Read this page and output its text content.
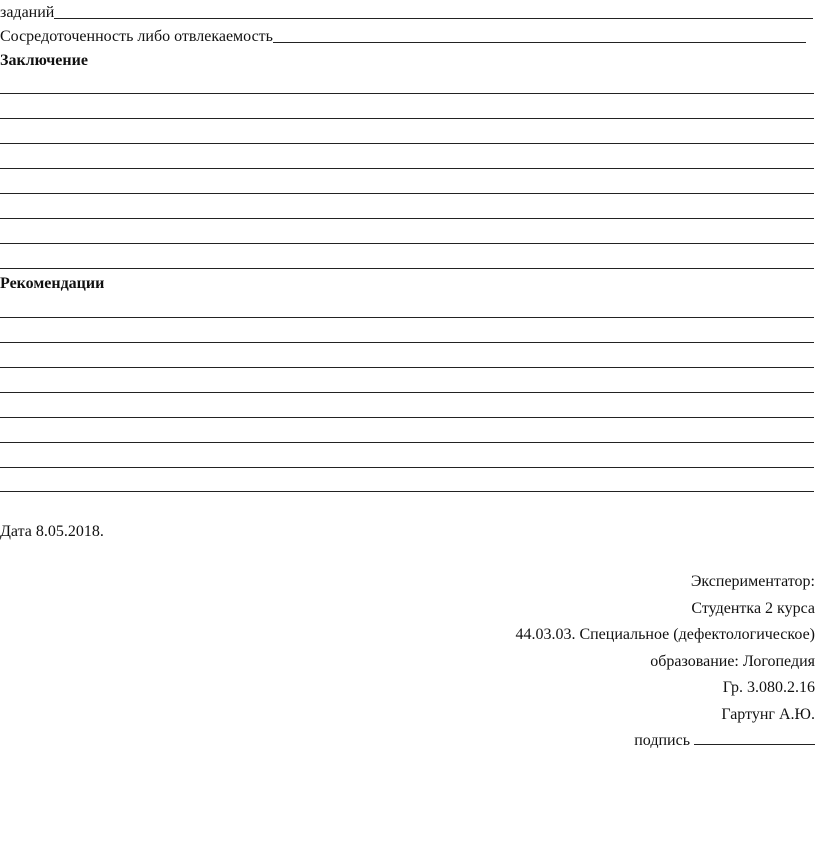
заданий
Сосредоточенность либо отвлекаемость
Заключение
Рекомендации
Дата 8.05.2018.
Экспериментатор:
Студентка 2 курса
44.03.03. Специальное (дефектологическое)
образование: Логопедия
Гр. 3.080.2.16
Гартунг А.Ю.
подпись
